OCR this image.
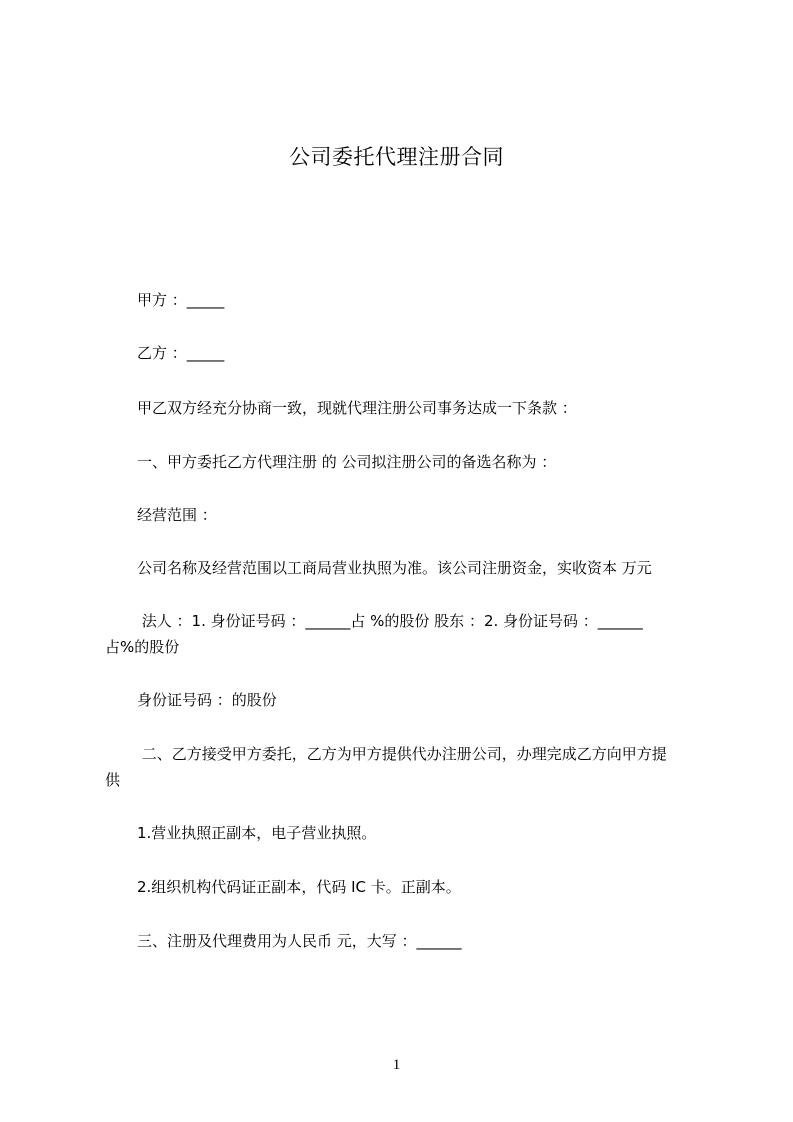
公司委托代理注册合同
甲方 ：_____
乙方 ：_____
甲乙双方经充分协商一致，现就代理注册公司事务达成一下条款 ：
一、甲方委托乙方代理注册 的 公司拟注册公司的备选名称为 ：
经营范围 ：
公司名称及经营范围以工商局营业执照为准。该公司注册资金，实收资本 万元
法人 ：1. 身份证号码 ：______占 %的股份 股东 ：2. 身份证号码 ：______
占%的股份
身份证号码 ：的股份
二、乙方接受甲方委托，乙方为甲方提供代办注册公司，办理完成乙方向甲方提
供
1.营业执照正副本，电子营业执照。
2.组织机构代码证正副本，代码 IC 卡。正副本。
三、注册及代理费用为人民币 元，大写 ：______
1
